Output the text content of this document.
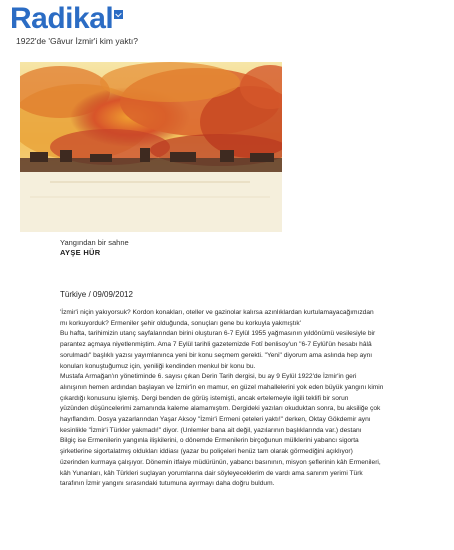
Radikal
1922'de 'Gâvur İzmir'i kim yaktı?
Yangından bir sahne
AYŞE HÜR
Türkiye / 09/09/2012

'İzmir'i niçin yakıyorsuk? Kordon konakları, oteller ve gazinolar kalırsa azınlıklardan kurtulamayacağımızdan

mı korkuyorduk? Ermeniler şehir olduğunda, sonuçları gene bu korkuyla yakmıştık'

Bu hafta, tarihimizin utanç sayfalarından birini oluşturan 6-7 Eylül 1955 yağmasının yıldönümü vesilesiyle bir

parantez açmaya niyetlenmiştim. Ama 7 Eylül tarihli gazetemizde Fotî benlisoy'un "6-7 Eylül'ün hesabı hâlâ

sorulmadı" başlıklı yazısı yayımlanınca yeni bir konu seçmem gerekti. "Yeni" diyorum ama aslında hep aynı

konuları konuştuğumuz için, yeniliği kendinden menkul bir konu bu.

Mustafa Armağan'ın yönetiminde 6. sayısı çıkan Derin Tarih dergisi, bu ay 9 Eylül 1922'de İzmir'in geri

alınışının hemen ardından başlayan ve İzmir'in en mamur, en güzel mahallelerini yok eden büyük yangını kimin

çıkardığı konusunu işlemiş. Dergi benden de görüş istemişti, ancak ertelemeyle ilgili teklifi bir sorun

yüzünden düşüncelerimi zamanında kaleme alamamıştım. Dergideki yazıları okuduktan sonra, bu aksiliğe çok

hayıflandım. Dosya yazarlarından Yaşar Aksoy "İzmir'i Ermeni çeteleri yaktı!" derken, Oktay Gökdemir aynı

kesinlikle "İzmir'i Türkler yakmadı!" diyor. (Unlemler bana ait değil, yazılarının başlıklarında var.) destanı

Bilgiç ise Ermenilerin yangınla ilişkilerini, o dönemde Ermenilerin birçoğunun mülklerini yabancı sigorta

şirketlerine sigortalatmış oldukları iddiası (yazar bu poliçeleri henüz tam olarak görmediğini açıklıyor)

üzerinden kurmaya çalışıyor. Dönemin itfaiye müdürünün, yabancı basınının, misyon şeflerinin kâh Ermenileri,

kâh Yunanları, kâh Türkleri suçlayan yorumlarına dair söyleyeceklerim de vardı ama sanırım yerimi Türk

tarafının İzmir yangını sırasındaki tutumuna ayırmayı daha doğru buldum.
